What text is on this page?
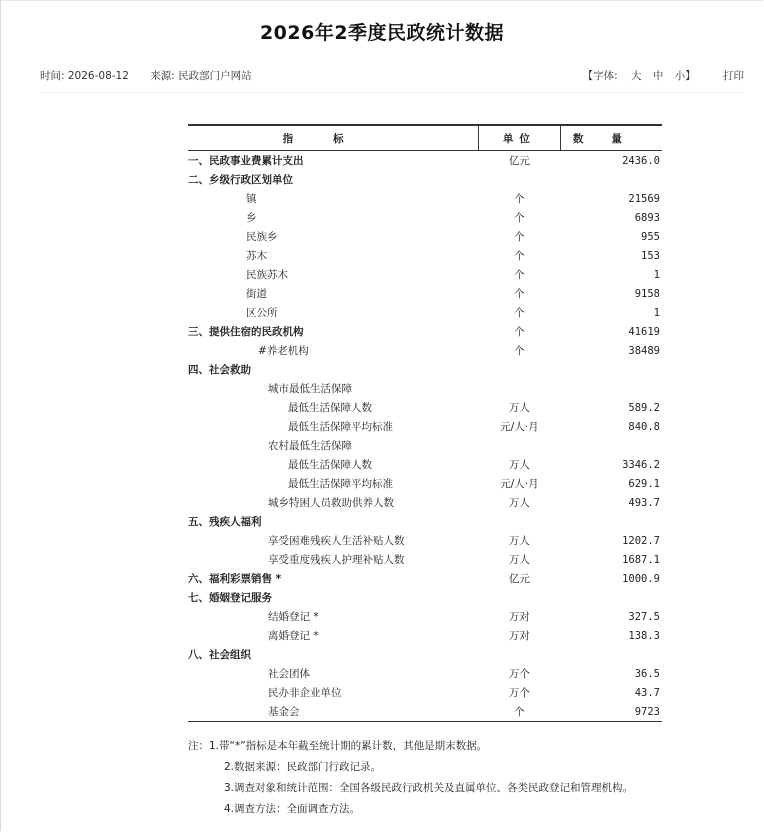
2026年2季度民政统计数据
时间: 2026-08-12 来源: 民政部门户网站	【字体: 大 中 小】	打印
指标	单位	数量
一、民政事业费累计支出	亿元	2436.0
二、乡级行政区划单位		
镇	个	21569
乡	个	6893
民族乡	个	955
苏木	个	153
民族苏木	个	1
街道	个	9158
区公所	个	1
三、提供住宿的民政机构	个	41619
#养老机构	个	38489
四、社会救助		
城市最低生活保障		
最低生活保障人数	万人	589.2
最低生活保障平均标准	元/人·月	840.8
农村最低生活保障		
最低生活保障人数	万人	3346.2
最低生活保障平均标准	元/人·月	629.1
城乡特困人员救助供养人数	万人	493.7
五、残疾人福利		
享受困难残疾人生活补贴人数	万人	1202.7
享受重度残疾人护理补贴人数	万人	1687.1
六、福利彩票销售 *	亿元	1000.9
七、婚姻登记服务		
结婚登记 *	万对	327.5
离婚登记 *	万对	138.3
八、社会组织		
社会团体	万个	36.5
民办非企业单位	万个	43.7
基金会	个	9723
注：1.带“*”指标是本年截至统计期的累计数，其他是期末数据。
2.数据来源：民政部门行政记录。
3.调查对象和统计范围：全国各级民政行政机关及直属单位、各类民政登记和管理机构。
4.调查方法：全面调查方法。
